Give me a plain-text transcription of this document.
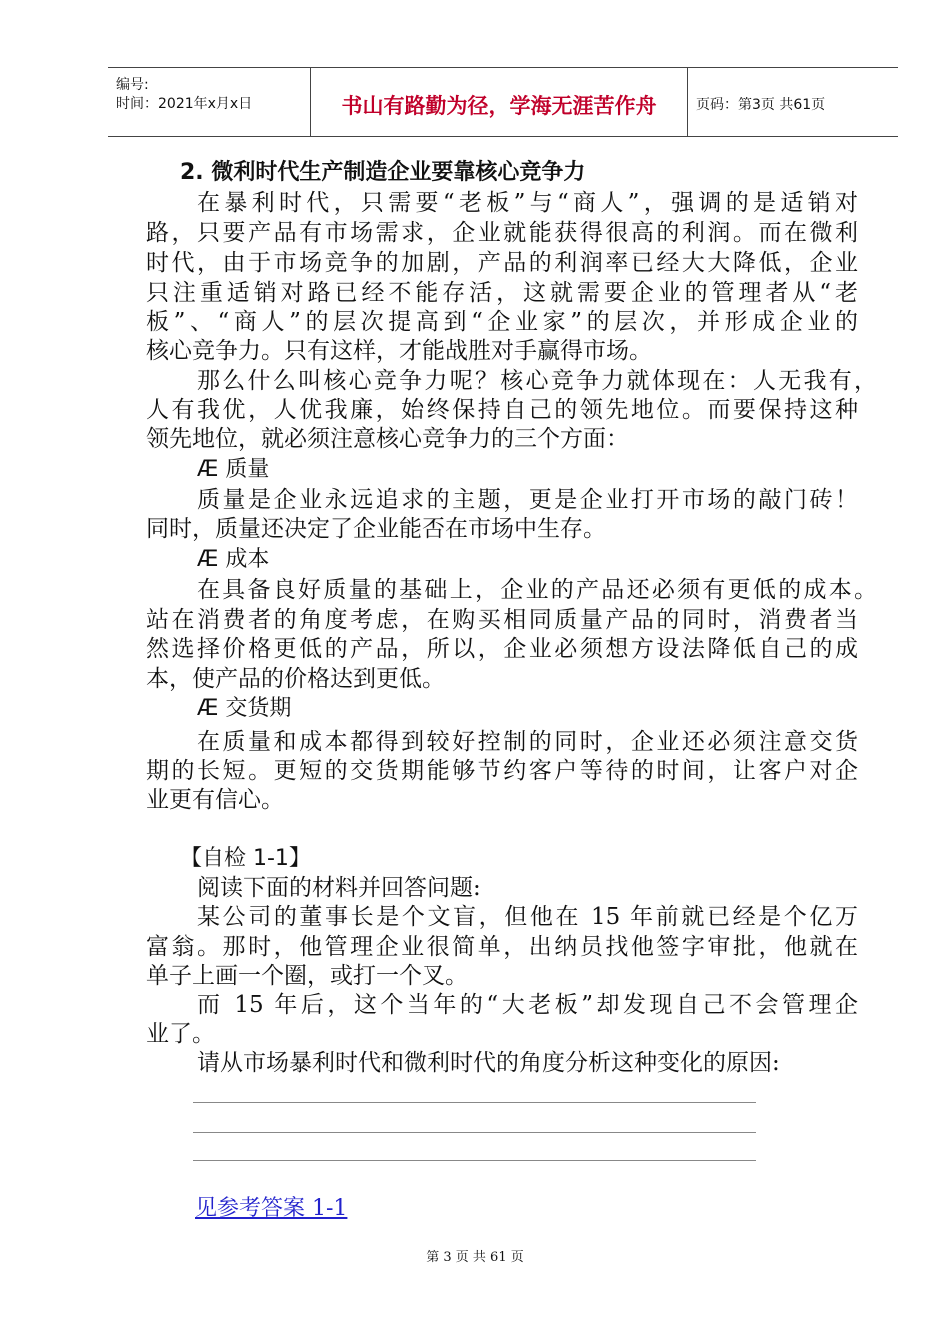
编号:
时间：2021年x月x日	书山有路勤为径，学海无涯苦作舟	页码：第3页 共61页
2. 微利时代生产制造企业要靠核心竞争力
在暴利时代，只需要“老板”与“商人”，强调的是适销对
路，只要产品有市场需求，企业就能获得很高的利润。而在微利
时代，由于市场竞争的加剧，产品的利润率已经大大降低，企业
只注重适销对路已经不能存活，这就需要企业的管理者从“老
板”、“商人”的层次提高到“企业家”的层次，并形成企业的
核心竞争力。只有这样，才能战胜对手赢得市场。
那么什么叫核心竞争力呢？核心竞争力就体现在：人无我有，
人有我优，人优我廉，始终保持自己的领先地位。而要保持这种
领先地位，就必须注意核心竞争力的三个方面：
Æ 质量
质量是企业永远追求的主题，更是企业打开市场的敲门砖！
同时，质量还决定了企业能否在市场中生存。
Æ 成本
在具备良好质量的基础上，企业的产品还必须有更低的成本。
站在消费者的角度考虑，在购买相同质量产品的同时，消费者当
然选择价格更低的产品，所以，企业必须想方设法降低自己的成
本，使产品的价格达到更低。
Æ 交货期
在质量和成本都得到较好控制的同时，企业还必须注意交货
期的长短。更短的交货期能够节约客户等待的时间，让客户对企
业更有信心。
【自检 1-1】
阅读下面的材料并回答问题:
某公司的董事长是个文盲，但他在 15 年前就已经是个亿万
富翁。那时，他管理企业很简单，出纳员找他签字审批，他就在
单子上画一个圈，或打一个叉。
而 15 年后，这个当年的“大老板”却发现自己不会管理企
业了。
请从市场暴利时代和微利时代的角度分析这种变化的原因:
见参考答案 1-1
第 3 页 共 61 页
